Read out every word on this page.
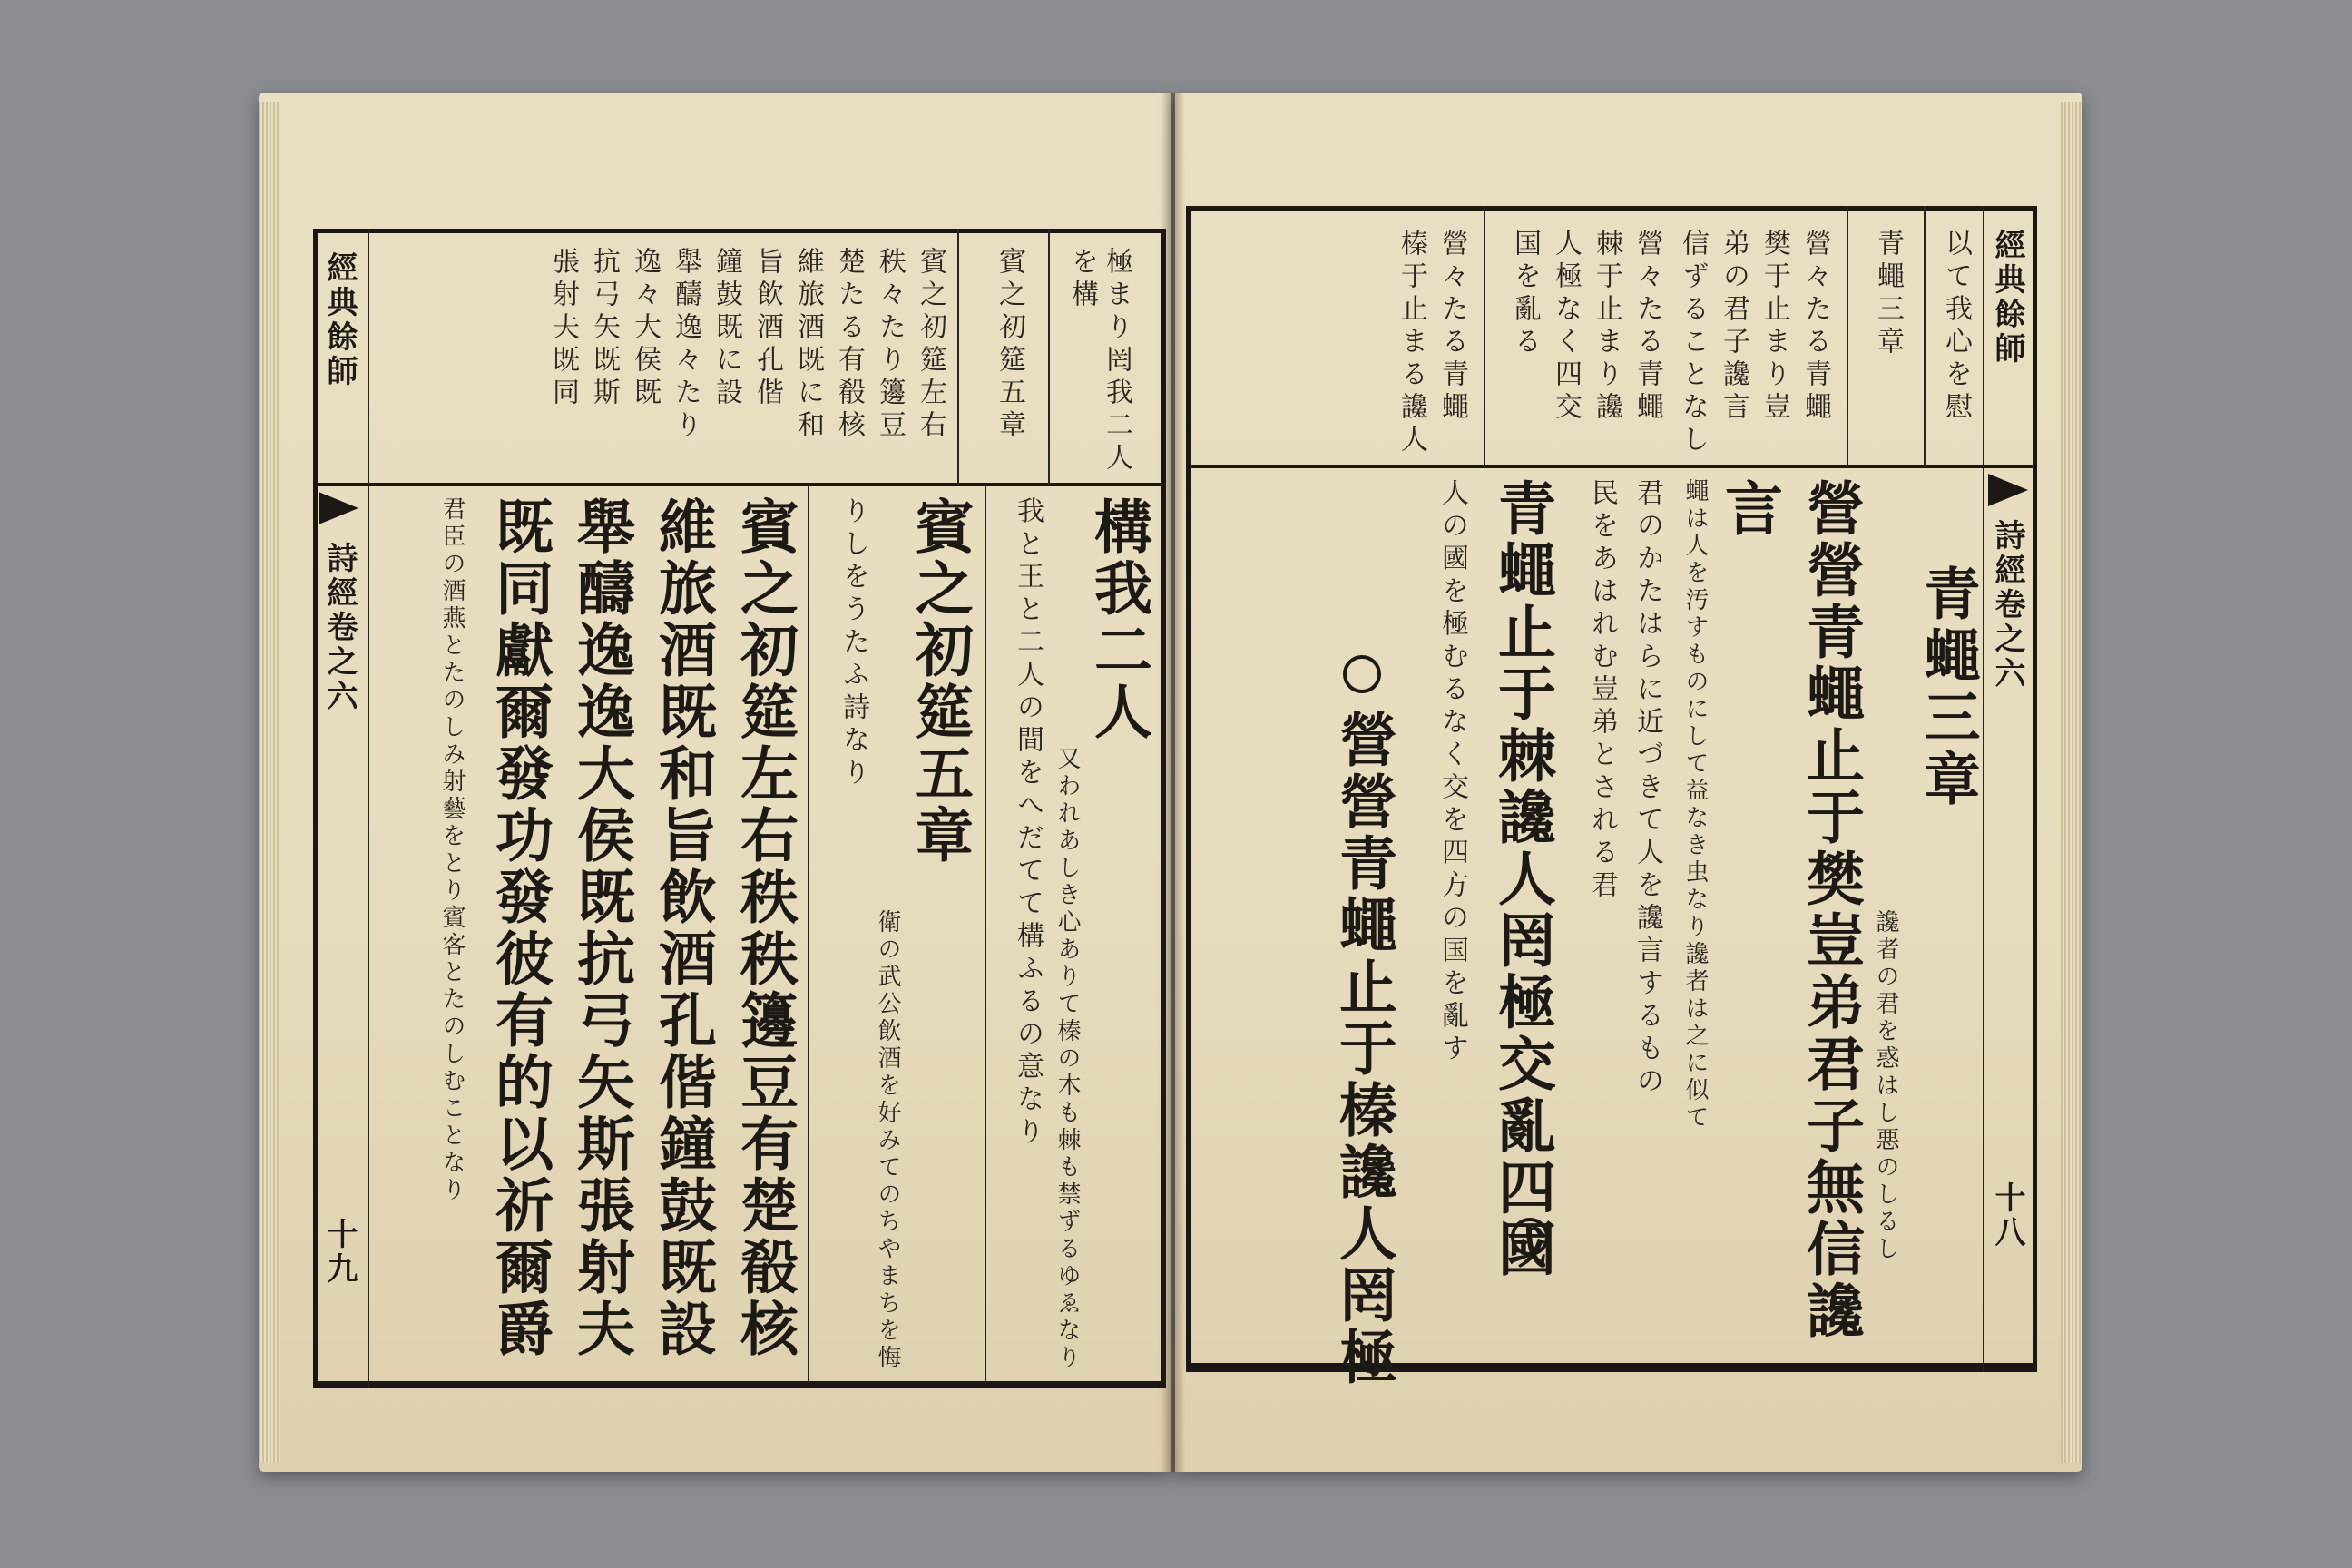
經典餘師
詩經卷之六
十九
極まり罔我二人
を構
賓之初筵五章
賓之初筵左右
秩々たり籩豆
楚たる有殽核
維旅酒既に和
旨飲酒孔偕
鐘鼓既に設
舉醻逸々たり
逸々大侯既
抗弓矢既斯
張射夫既同
構我二人
又われあしき心ありて榛の木も棘も禁ずるゆゑなり
我と王と二人の間をへだてて構ふるの意なり
賓之初筵五章
衛の武公飲酒を好みてのちやまちを悔
りしをうたふ詩なり
賓之初筵左右秩秩籩豆有楚殽核
維旅酒既和旨飲酒孔偕鐘鼓既設
舉醻逸逸大侯既抗弓矢斯張射夫
既同獻爾發功發彼有的以祈爾爵
君臣の酒燕とたのしみ射藝をとり賓客とたのしむことなり
經典餘師
詩經卷之六
十八
以て我心を慰
青蠅三章
營々たる青蠅
樊于止まり豈
弟の君子讒言
信ずることなし
營々たる青蠅
棘于止まり讒
人極なく四交
国を亂る
營々たる青蠅
榛于止まる讒人
青蠅三章
讒者の君を惑はし悪のしるし
營營青蠅止于樊豈弟君子無信讒
言
蠅は人を汚すものにして益なき虫なり讒者は之に似て
君のかたはらに近づきて人を讒言するもの
民をあはれむ豈弟とされる君
青蠅止于棘讒人罔極交亂四國
人の國を極むるなく交を四方の国を亂す
營營青蠅止于榛讒人罔極
